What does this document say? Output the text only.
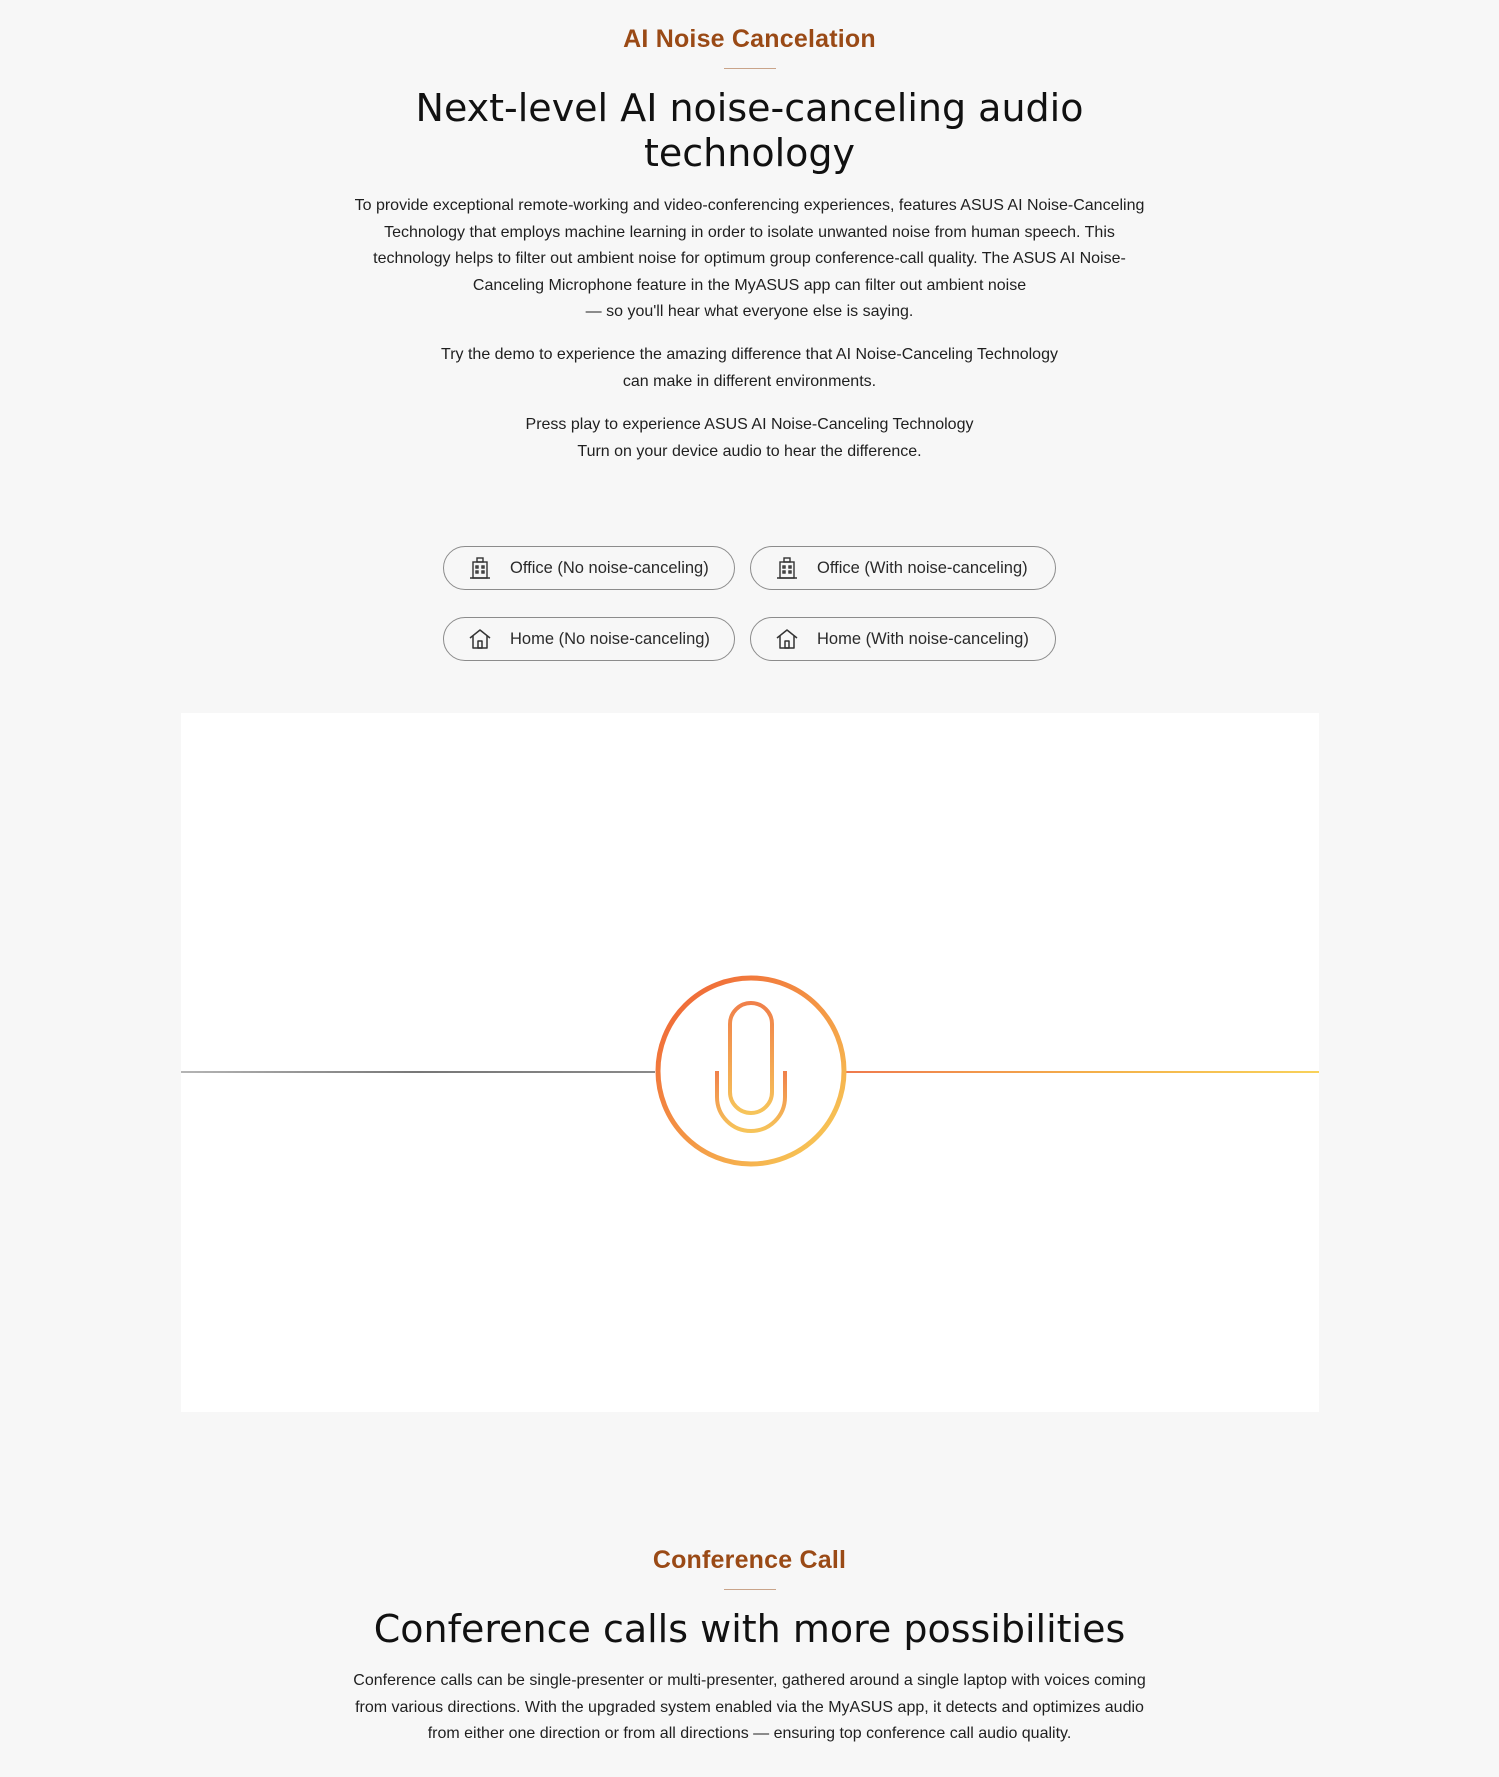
AI Noise Cancelation
Next-level AI noise-canceling audio
technology

To provide exceptional remote-working and video-conferencing experiences, features ASUS AI Noise-Canceling
Technology that employs machine learning in order to isolate unwanted noise from human speech. This
technology helps to filter out ambient noise for optimum group conference-call quality. The ASUS AI Noise-
Canceling Microphone feature in the MyASUS app can filter out ambient noise
— so you'll hear what everyone else is saying.

Try the demo to experience the amazing difference that AI Noise-Canceling Technology
can make in different environments.

Press play to experience ASUS AI Noise-Canceling Technology
Turn on your device audio to hear the difference.

Office (No noise-canceling)	Office (With noise-canceling)
Home (No noise-canceling)	Home (With noise-canceling)
Conference Call
Conference calls with more possibilities

Conference calls can be single-presenter or multi-presenter, gathered around a single laptop with voices coming
from various directions. With the upgraded system enabled via the MyASUS app, it detects and optimizes audio
from either one direction or from all directions — ensuring top conference call audio quality.
